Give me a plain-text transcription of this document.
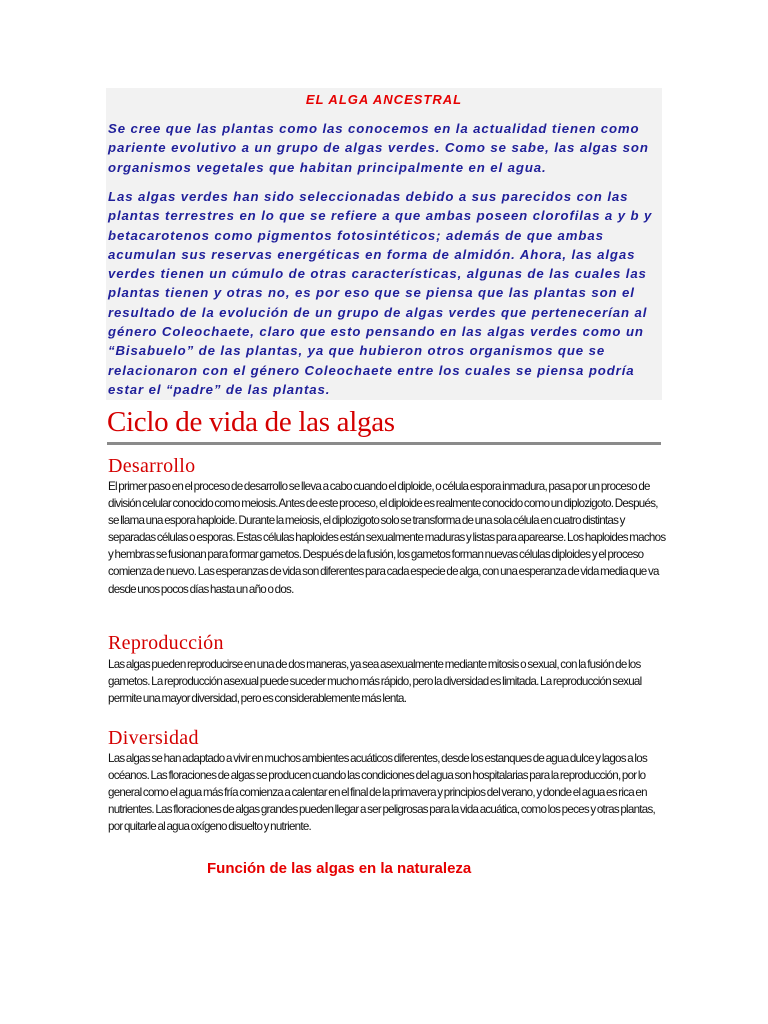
EL ALGA ANCESTRAL

Se cree que las plantas como las conocemos en la actualidad tienen como pariente evolutivo a un grupo de algas verdes. Como se sabe, las algas son organismos vegetales que habitan principalmente en el agua.

Las algas verdes han sido seleccionadas debido a sus parecidos con las plantas terrestres en lo que se refiere a que ambas poseen clorofilas a y b y betacarotenos como pigmentos fotosintéticos; además de que ambas acumulan sus reservas energéticas en forma de almidón. Ahora, las algas verdes tienen un cúmulo de otras características, algunas de las cuales las plantas tienen y otras no, es por eso que se piensa que las plantas son el resultado de la evolución de un grupo de algas verdes que pertenecerían al género Coleochaete, claro que esto pensando en las algas verdes como un “Bisabuelo” de las plantas, ya que hubieron otros organismos que se relacionaron con el género Coleochaete entre los cuales se piensa podría estar el “padre” de las plantas.

Ciclo de vida de las algas
Desarrollo

El primer paso en el proceso de desarrollo se lleva a cabo cuando el diploide, o célula espora inmadura, pasa por un proceso de división celular conocido como meiosis. Antes de este proceso, el diploide es realmente conocido como un diplozigoto. Después, se llama una espora haploide. Durante la meiosis, el diplozigoto solo se transforma de una sola célula en cuatro distintas y separadas células o esporas. Estas células haploides están sexualmente maduras y listas para aparearse. Los haploides machos y hembras se fusionan para formar gametos. Después de la fusión, los gametos forman nuevas células diploides y el proceso comienza de nuevo. Las esperanzas de vida son diferentes para cada especie de alga, con una esperanza de vida media que va desde unos pocos días hasta un año o dos.

Reproducción

Las algas pueden reproducirse en una de dos maneras, ya sea asexualmente mediante mitosis o sexual, con la fusión de los gametos. La reproducción asexual puede suceder mucho más rápido, pero la diversidad es limitada. La reproducción sexual permite una mayor diversidad, pero es considerablemente más lenta.

Diversidad

Las algas se han adaptado a vivir en muchos ambientes acuáticos diferentes, desde los estanques de agua dulce y lagos a los océanos. Las floraciones de algas se producen cuando las condiciones del agua son hospitalarias para la reproducción, por lo general como el agua más fría comienza a calentar en el final de la primavera y principios del verano, y donde el agua es rica en nutrientes. Las floraciones de algas grandes pueden llegar a ser peligrosas para la vida acuática, como los peces y otras plantas, por quitarle al agua oxígeno disuelto y nutriente.

Función de las algas en la naturaleza
